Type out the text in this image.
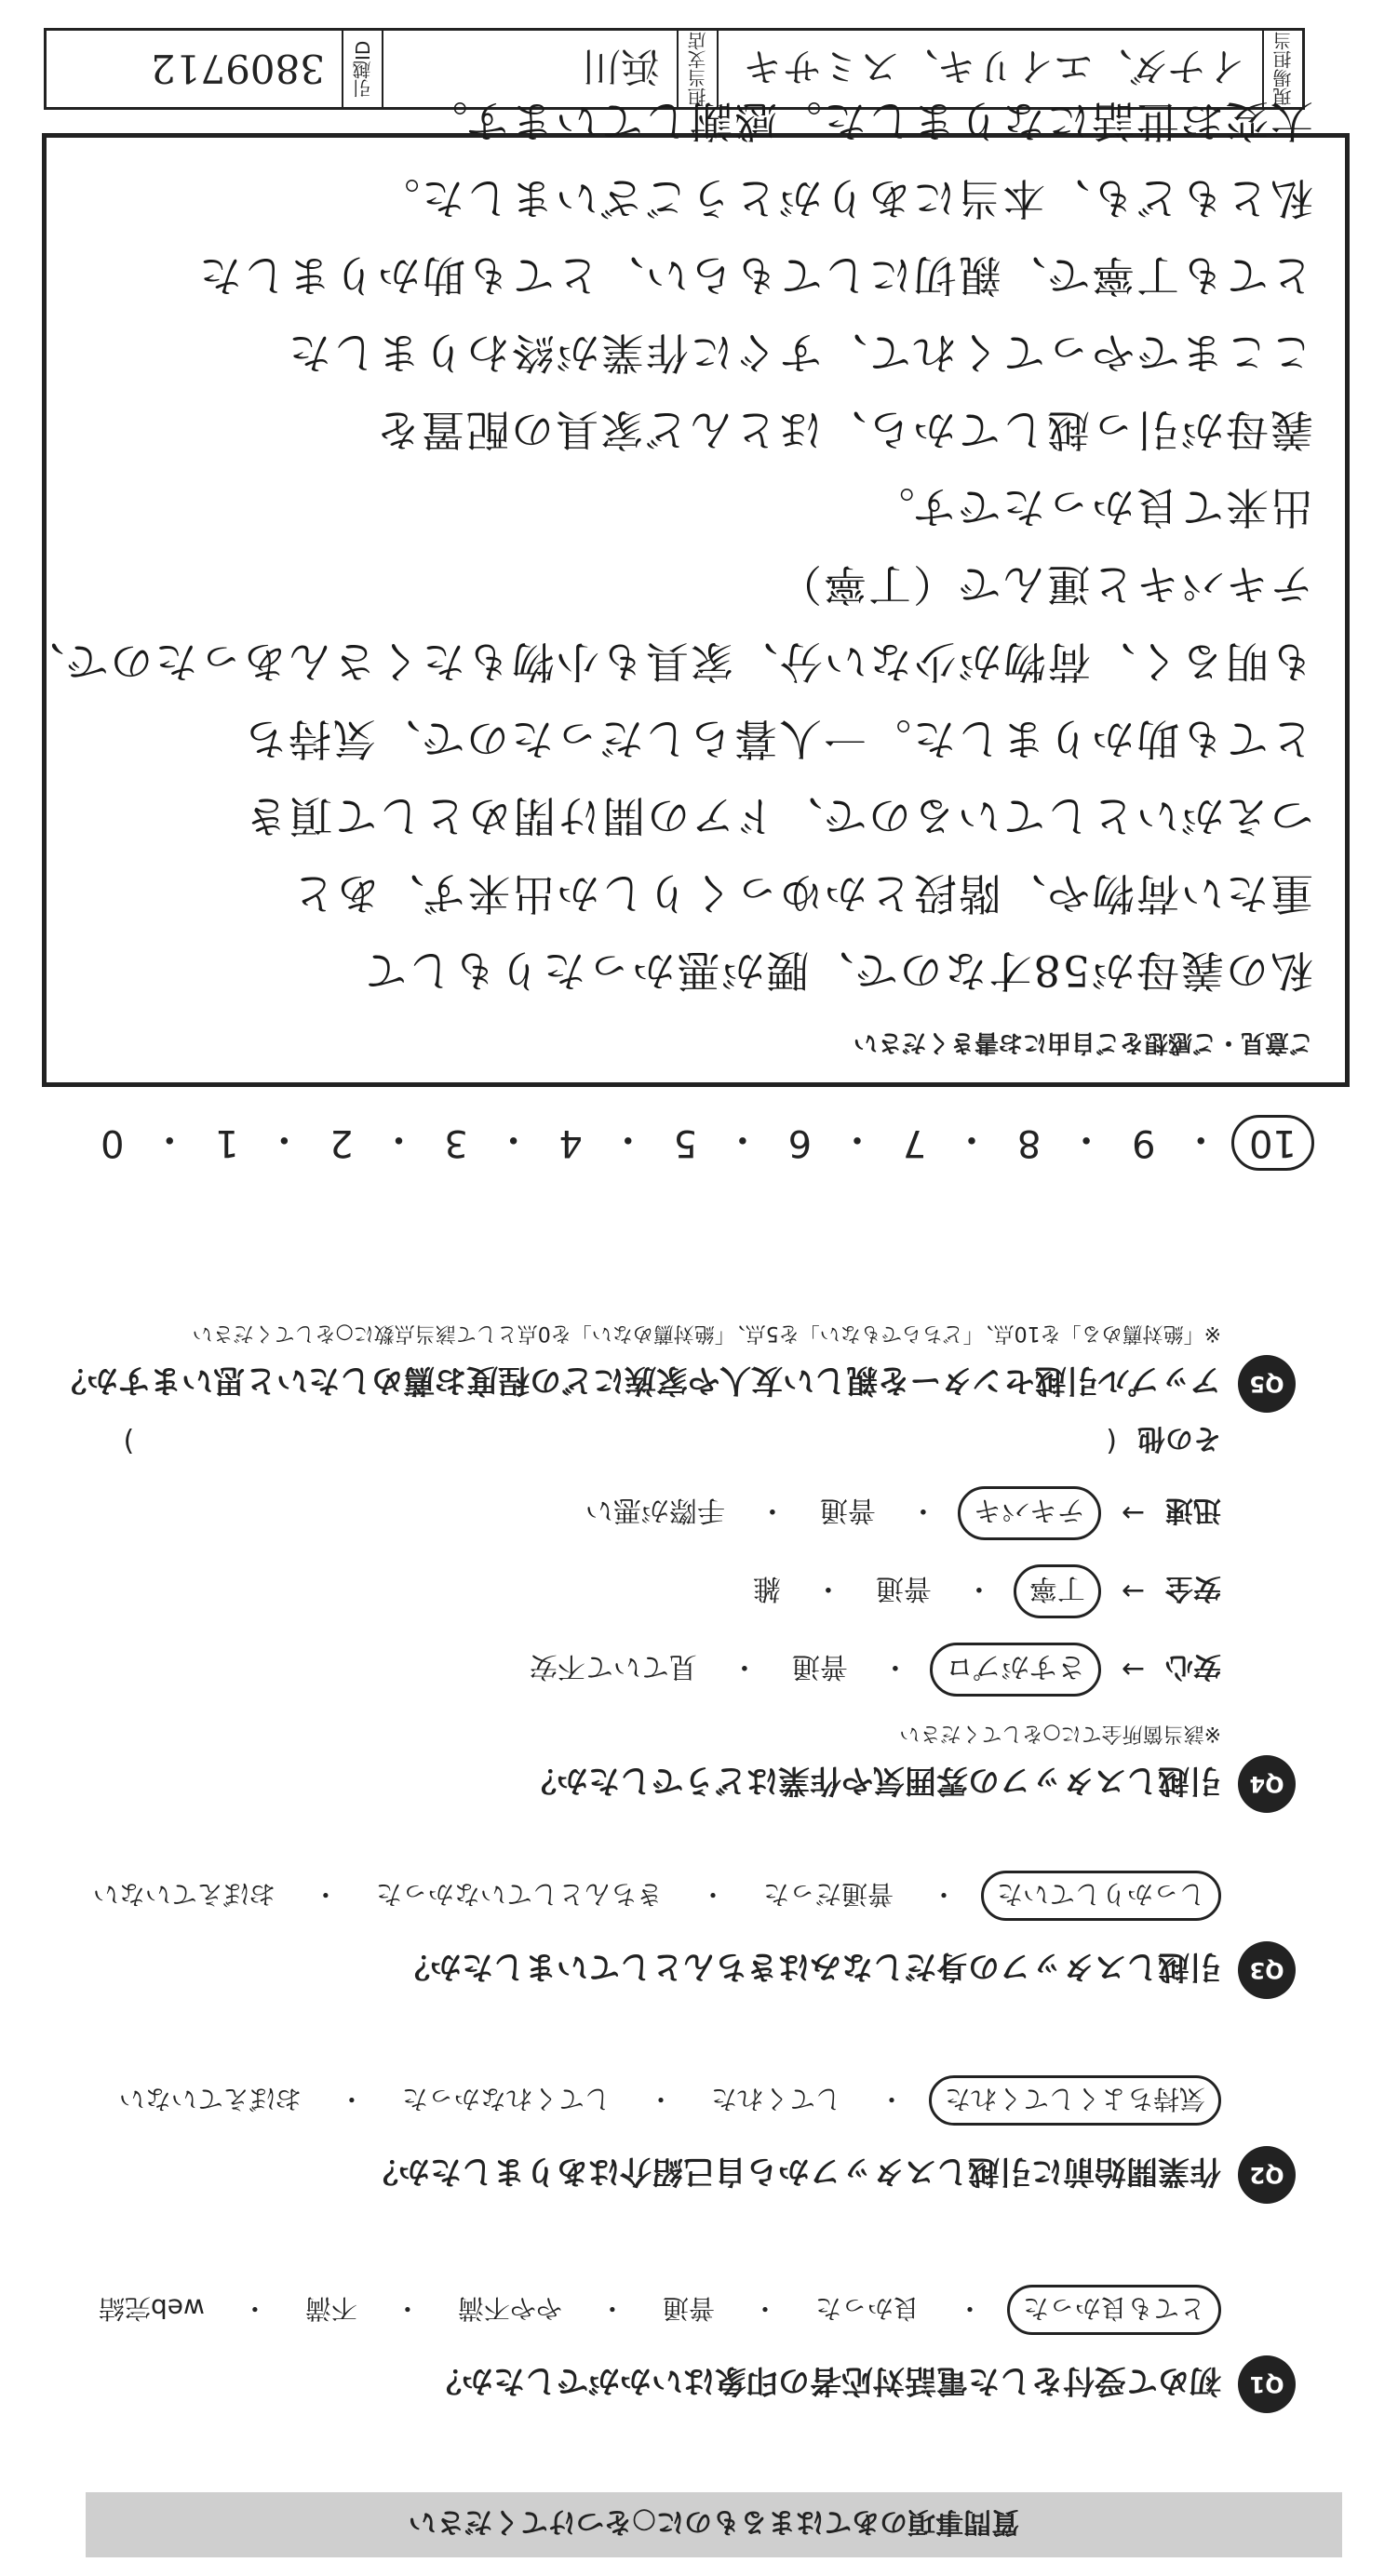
現場担当
イナダ、エイリキ、スミサキ
担当支店
浜川
引越ID
3809712
ご意見・ご感想をご自由にお書きください
私の義母が58才なので、腰が悪かったりもして
重たい荷物や、階段とかゆっくりしか出来ず、あと
つえがいとしているので、ドアの開け閉めとして頂き
とても助かりました。一人暮らしだったので、気持ち
も明るく、荷物が少ない分、家具も小物もたくさんあったので、
テキパキと運んで（丁寧）
出来て良かったです。
義母が引っ越してから、ほとんど家具の配置を
ここまでやってくれて、すぐに作業が終わりました
とても丁寧で、親切にしてもらい、とても助かりました
私ともども、本当にありがとうございました。
大変お世話になりました。感謝しています。
Q5
アップル引越センターを親しい友人や家族にどの程度お薦めしたいと思いますか？
※「絶対薦める」を10点、「どちらでもない」を5点、「絶対薦めない」を0点として該当点数に○をしてください
10
・
9
・
8
・
7
・
6
・
5
・
4
・
3
・
2
・
1
・
0
Q4
引越しスタッフの雰囲気や作業はどうでしたか？
※該当箇所全てに○をしてください
安心
→
さすがプロ
・
普通
・
見ていて不安
安全
→
丁寧
・
普通
・
雑
迅速
→
テキパキ
・
普通
・
手際が悪い
その他
(
)
Q3
引越しスタッフの身だしなみはきちんとしていましたか？
しっかりしていた
・
普通だった
・
きちんとしていなかった
・
おぼえていない
Q2
作業開始前に引越しスタッフから自己紹介はありましたか？
気持ちよくしてくれた
・
してくれた
・
してくれなかった
・
おぼえていない
Q1
初めて受付をした電話対応者の印象はいかがでしたか？
とても良かった
・
良かった
・
普通
・
やや不満
・
不満
・
web完結
質問事項のあてはまるものに○をつけてください
